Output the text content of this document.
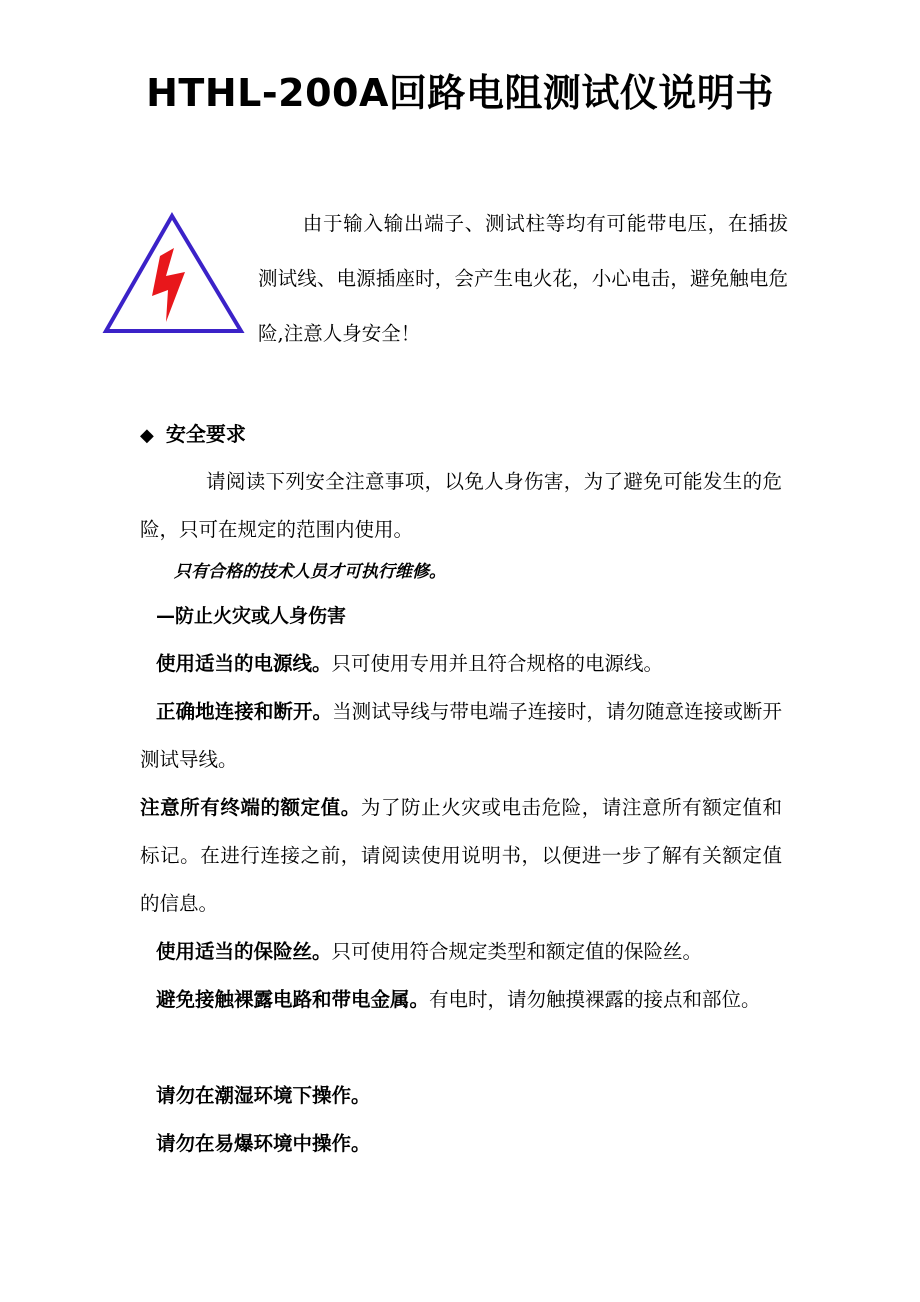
HTHL-200A回路电阻测试仪说明书

由于输入输出端子、测试柱等均有可能带电压，在插拔测试线、电源插座时，会产生电火花，小心电击，避免触电危险,注意人身安全！

◆ 安全要求

请阅读下列安全注意事项，以免人身伤害，为了避免可能发生的危险，只可在规定的范围内使用。

只有合格的技术人员才可执行维修。

—防止火灾或人身伤害

使用适当的电源线。只可使用专用并且符合规格的电源线。

正确地连接和断开。当测试导线与带电端子连接时，请勿随意连接或断开测试导线。

注意所有终端的额定值。为了防止火灾或电击危险，请注意所有额定值和标记。在进行连接之前，请阅读使用说明书，以便进一步了解有关额定值的信息。

使用适当的保险丝。只可使用符合规定类型和额定值的保险丝。

避免接触裸露电路和带电金属。有电时，请勿触摸裸露的接点和部位。

请勿在潮湿环境下操作。

请勿在易爆环境中操作。
